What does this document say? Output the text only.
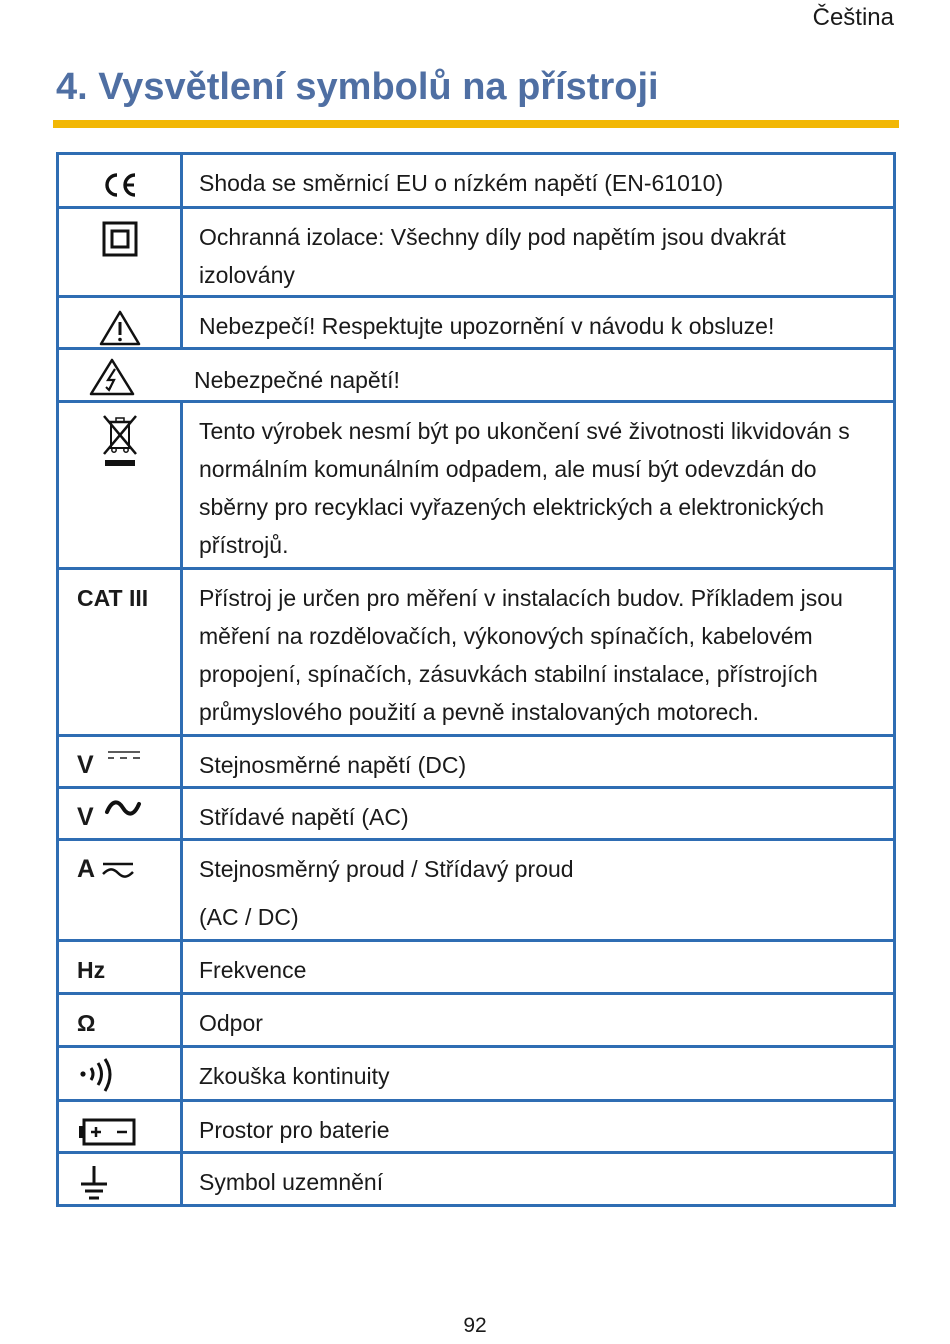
Čeština
4. Vysvětlení symbolů na přístroji
	Shoda se směrnicí EU o nízkém napětí (EN-61010)
	Ochranná izolace: Všechny díly pod napětím jsou dvakrát izolovány
	Nebezpečí! Respektujte upozornění v návodu k obsluze!

Nebezpečné napětí!	

	Tento výrobek nesmí být po ukončení své životnosti likvidován s normálním komunálním odpadem, ale musí být odevzdán do sběrny pro recyklaci vyřazených elektrických a elektronických přístrojů.
CAT III	Přístroj je určen pro měření v instalacích budov. Příkladem jsou měření na rozdělovačích, výkonových spínačích, kabelovém propojení, spínačích, zásuvkách stabilní instalace, přístrojích průmyslového použití a pevně instalovaných motorech.
V	Stejnosměrné napětí (DC)
V	Střídavé napětí (AC)
A	Stejnosměrný proud / Střídavý proud
(AC / DC)

Hz	Frekvence
Ω	Odpor
	Zkouška kontinuity
	Prostor pro baterie
	Symbol uzemnění
92
